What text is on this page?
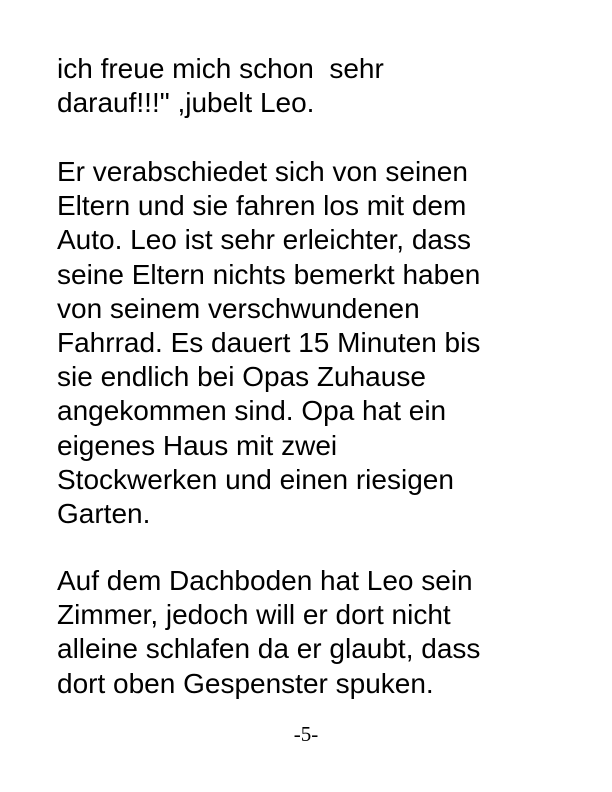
ich freue mich schon  sehr
darauf!!!" ,jubelt Leo.
Er verabschiedet sich von seinen
Eltern und sie fahren los mit dem
Auto. Leo ist sehr erleichter, dass
seine Eltern nichts bemerkt haben
von seinem verschwundenen
Fahrrad. Es dauert 15 Minuten bis
sie endlich bei Opas Zuhause
angekommen sind. Opa hat ein
eigenes Haus mit zwei
Stockwerken und einen riesigen
Garten.
Auf dem Dachboden hat Leo sein
Zimmer, jedoch will er dort nicht
alleine schlafen da er glaubt, dass
dort oben Gespenster spuken.
-5-
